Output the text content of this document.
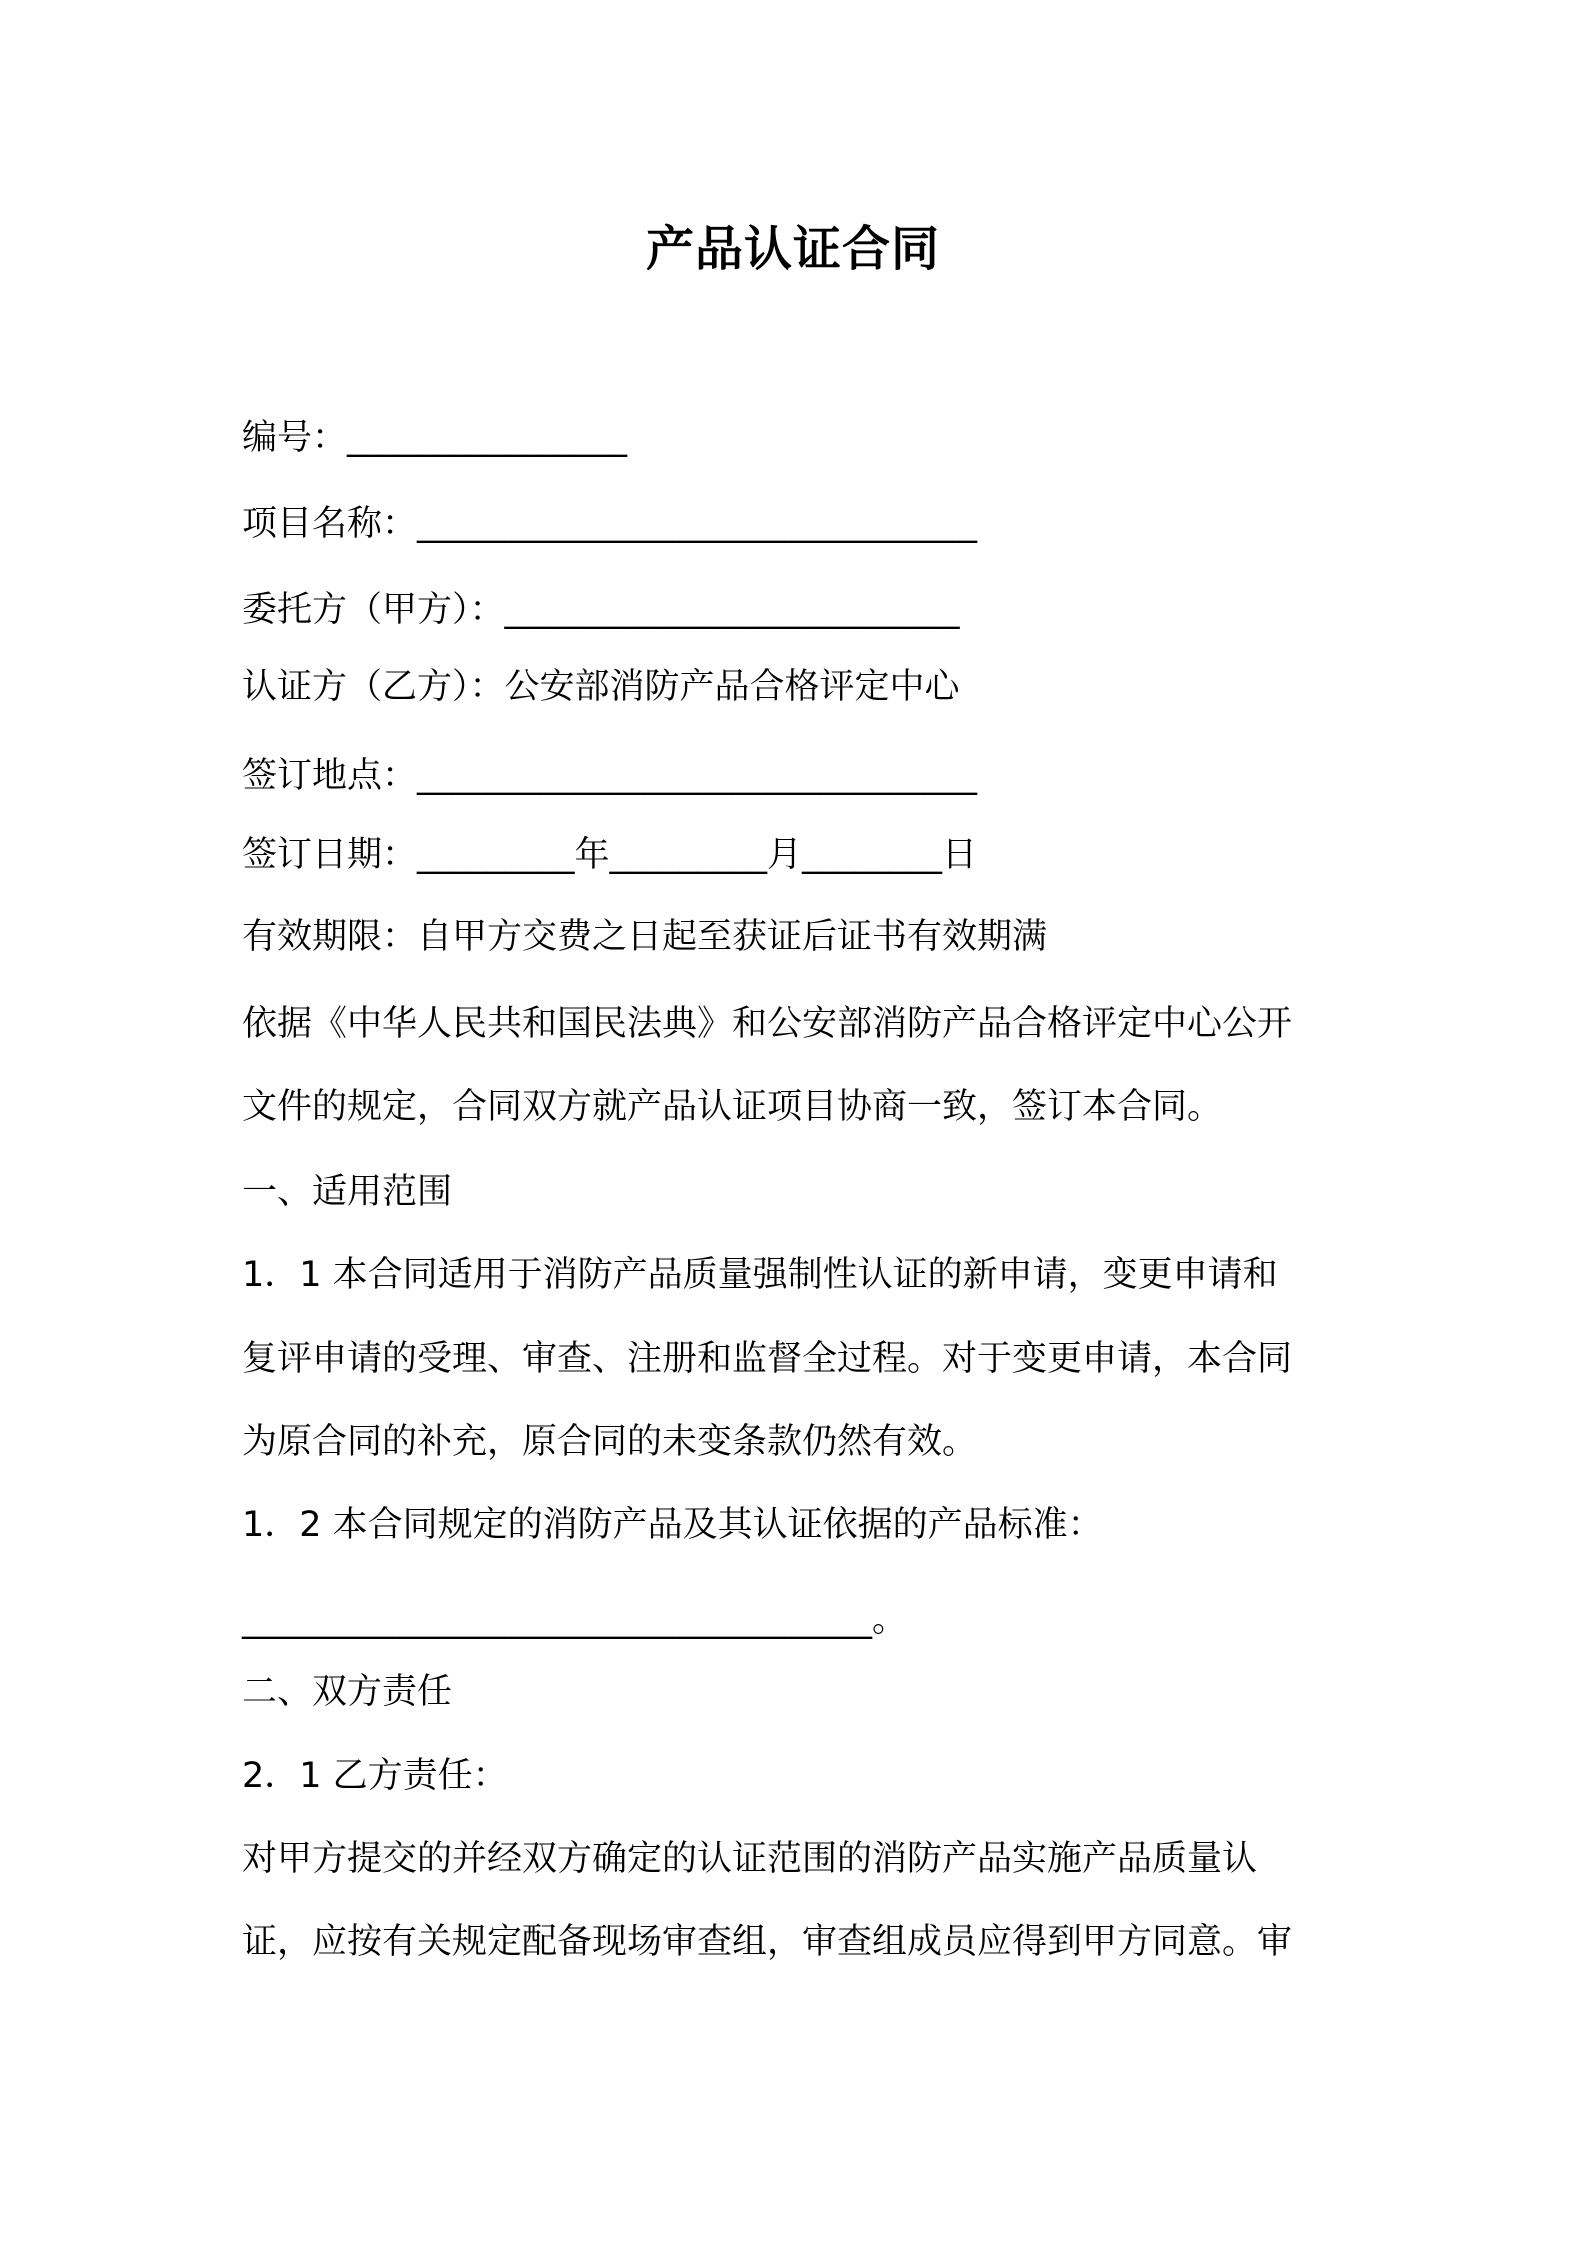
产品认证合同
编号：________________
项目名称：________________________________
委托方（甲方）：__________________________
认证方（乙方）：公安部消防产品合格评定中心
签订地点：________________________________
签订日期：_________年_________月________日
有效期限：自甲方交费之日起至获证后证书有效期满
依据《中华人民共和国民法典》和公安部消防产品合格评定中心公开
文件的规定，合同双方就产品认证项目协商一致，签订本合同。
一、适用范围
1．1 本合同适用于消防产品质量强制性认证的新申请，变更申请和
复评申请的受理、审查、注册和监督全过程。对于变更申请，本合同
为原合同的补充，原合同的未变条款仍然有效。
1．2 本合同规定的消防产品及其认证依据的产品标准：
____________________________________。
二、双方责任
2．1 乙方责任：
对甲方提交的并经双方确定的认证范围的消防产品实施产品质量认
证，应按有关规定配备现场审查组，审查组成员应得到甲方同意。审
